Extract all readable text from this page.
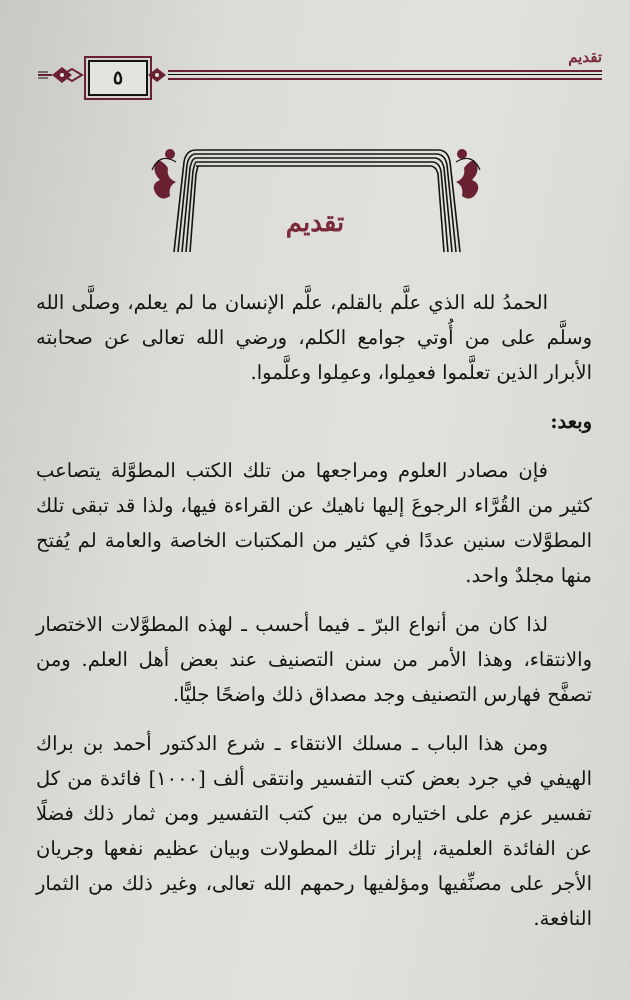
تقديم
٥
تقديم

الحمدُ لله الذي علَّم بالقلم، علَّم الإنسان ما لم يعلم، وصلَّى الله وسلَّم على من أُوتي جوامع الكلم، ورضي الله تعالى عن صحابته الأبرار الذين تعلَّموا فعمِلوا، وعمِلوا وعلَّموا.

وبعد:

فإن مصادر العلوم ومراجعها من تلك الكتب المطوَّلة يتصاعب كثير من القُرَّاء الرجوعَ إليها ناهيك عن القراءة فيها، ولذا قد تبقى تلك المطوَّلات سنين عددًا في كثير من المكتبات الخاصة والعامة لم يُفتح منها مجلدٌ واحد.

لذا كان من أنواع البرّ ـ فيما أحسب ـ لهذه المطوَّلات الاختصار والانتقاء، وهذا الأمر من سنن التصنيف عند بعض أهل العلم. ومن تصفَّح فهارس التصنيف وجد مصداق ذلك واضحًا جليًّا.

ومن هذا الباب ـ مسلك الانتقاء ـ شرع الدكتور أحمد بن براك الهيفي في جرد بعض كتب التفسير وانتقى ألف [١٠٠٠] فائدة من كل تفسير عزم على اختياره من بين كتب التفسير ومن ثمار ذلك فضلًا عن الفائدة العلمية، إبراز تلك المطولات وبيان عظيم نفعها وجريان الأجر على مصنِّفيها ومؤلفيها رحمهم الله تعالى، وغير ذلك من الثمار النافعة.
